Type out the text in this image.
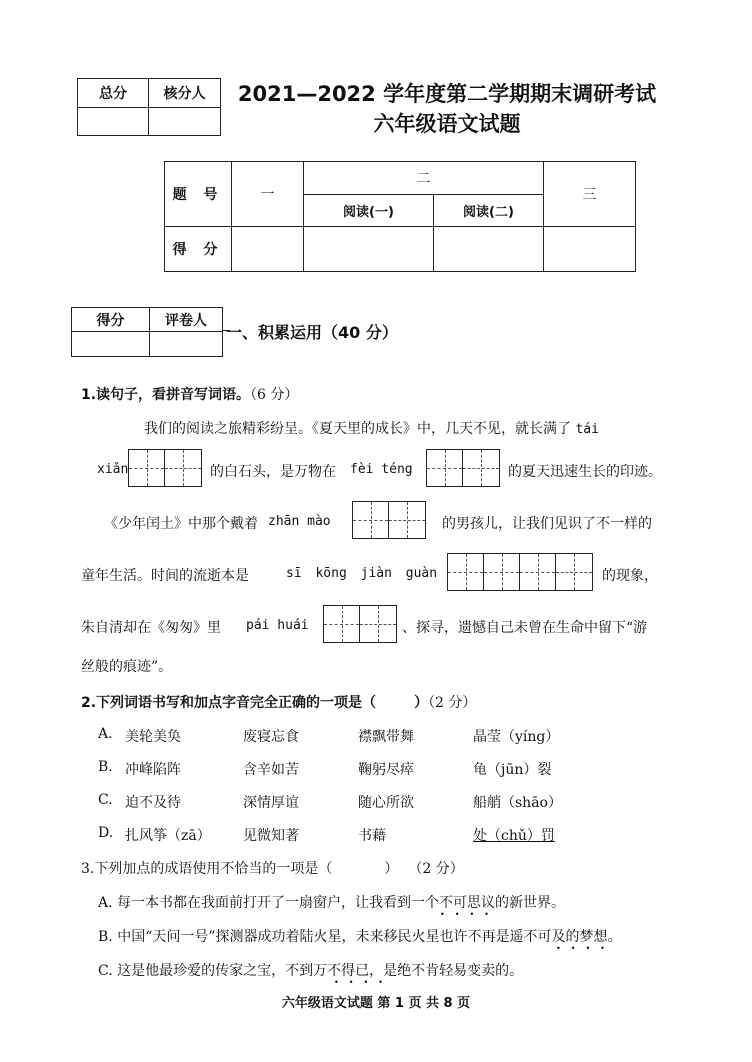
总分	核分人
	2021—2022 学年度第二学期期末调研考试
六年级语文试题
题 号	一	二		三
		阅读(一)	阅读(二)	
得 分				
得分	评卷人

一、积累运用（40 分）
1.读句子，看拼音写词语。（6 分）
我们的阅读之旅精彩纷呈。《夏天里的成长》中，几天不见，就长满了 tái
xiǎn	的白石头，是万物在 fèi téng	的夏天迅速生长的印迹。
《少年闰土》中那个戴着 zhān mào	的男孩儿，让我们见识了不一样的
童年生活。时间的流逝本是	sī kōng jiàn guàn	的现象，
朱自清却在《匆匆》里 pái huái	、探寻，遗憾自己未曾在生命中留下“游
丝般的痕迹”。
2.下列词语书写和加点字音完全正确的一项是（	）（2 分）
A. 美轮美奂	废寝忘食	襟飘带舞	晶莹（yíng）
B. 冲峰陷阵	含辛如苦	鞠躬尽瘁	龟（jūn）裂
C. 迫不及待	深情厚谊	随心所欲	船艄（shāo）
D. 扎风筝（zā） 见微知著	书藉	处（chǔ）罚
3.下列加点的成语使用不恰当的一项是（	） （2 分）
A. 每一本书都在我面前打开了一扇窗户，让我看到一个不可思议的新世界。
B. 中国“天问一号”探测器成功着陆火星，未来移民火星也许不再是遥不可及的梦想。
C. 这是他最珍爱的传家之宝，不到万不得已，是绝不肯轻易变卖的。
••••
••••
••••
六年级语文试题 第 1 页 共 8 页
